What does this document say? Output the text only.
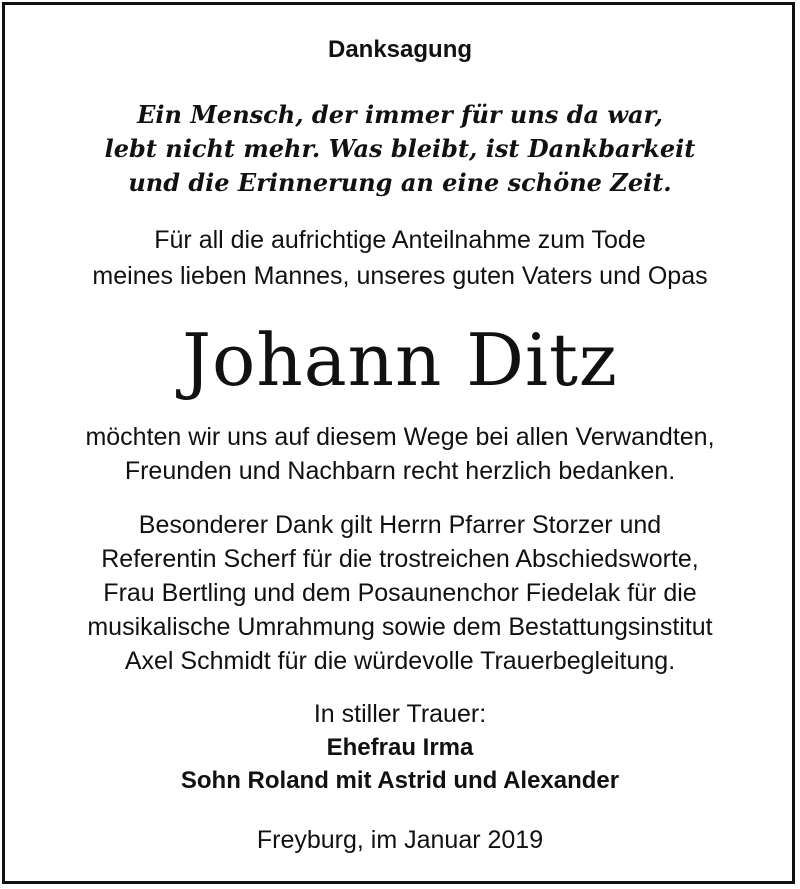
Danksagung
Ein Mensch, der immer für uns da war,
lebt nicht mehr. Was bleibt, ist Dankbarkeit
und die Erinnerung an eine schöne Zeit.
Für all die aufrichtige Anteilnahme zum Tode
meines lieben Mannes, unseres guten Vaters und Opas
Johann Ditz
möchten wir uns auf diesem Wege bei allen Verwandten,
Freunden und Nachbarn recht herzlich bedanken.
Besonderer Dank gilt Herrn Pfarrer Storzer und
Referentin Scherf für die trostreichen Abschiedsworte,
Frau Bertling und dem Posaunenchor Fiedelak für die
musikalische Umrahmung sowie dem Bestattungsinstitut
Axel Schmidt für die würdevolle Trauerbegleitung.
In stiller Trauer:
Ehefrau Irma
Sohn Roland mit Astrid und Alexander
Freyburg, im Januar 2019
